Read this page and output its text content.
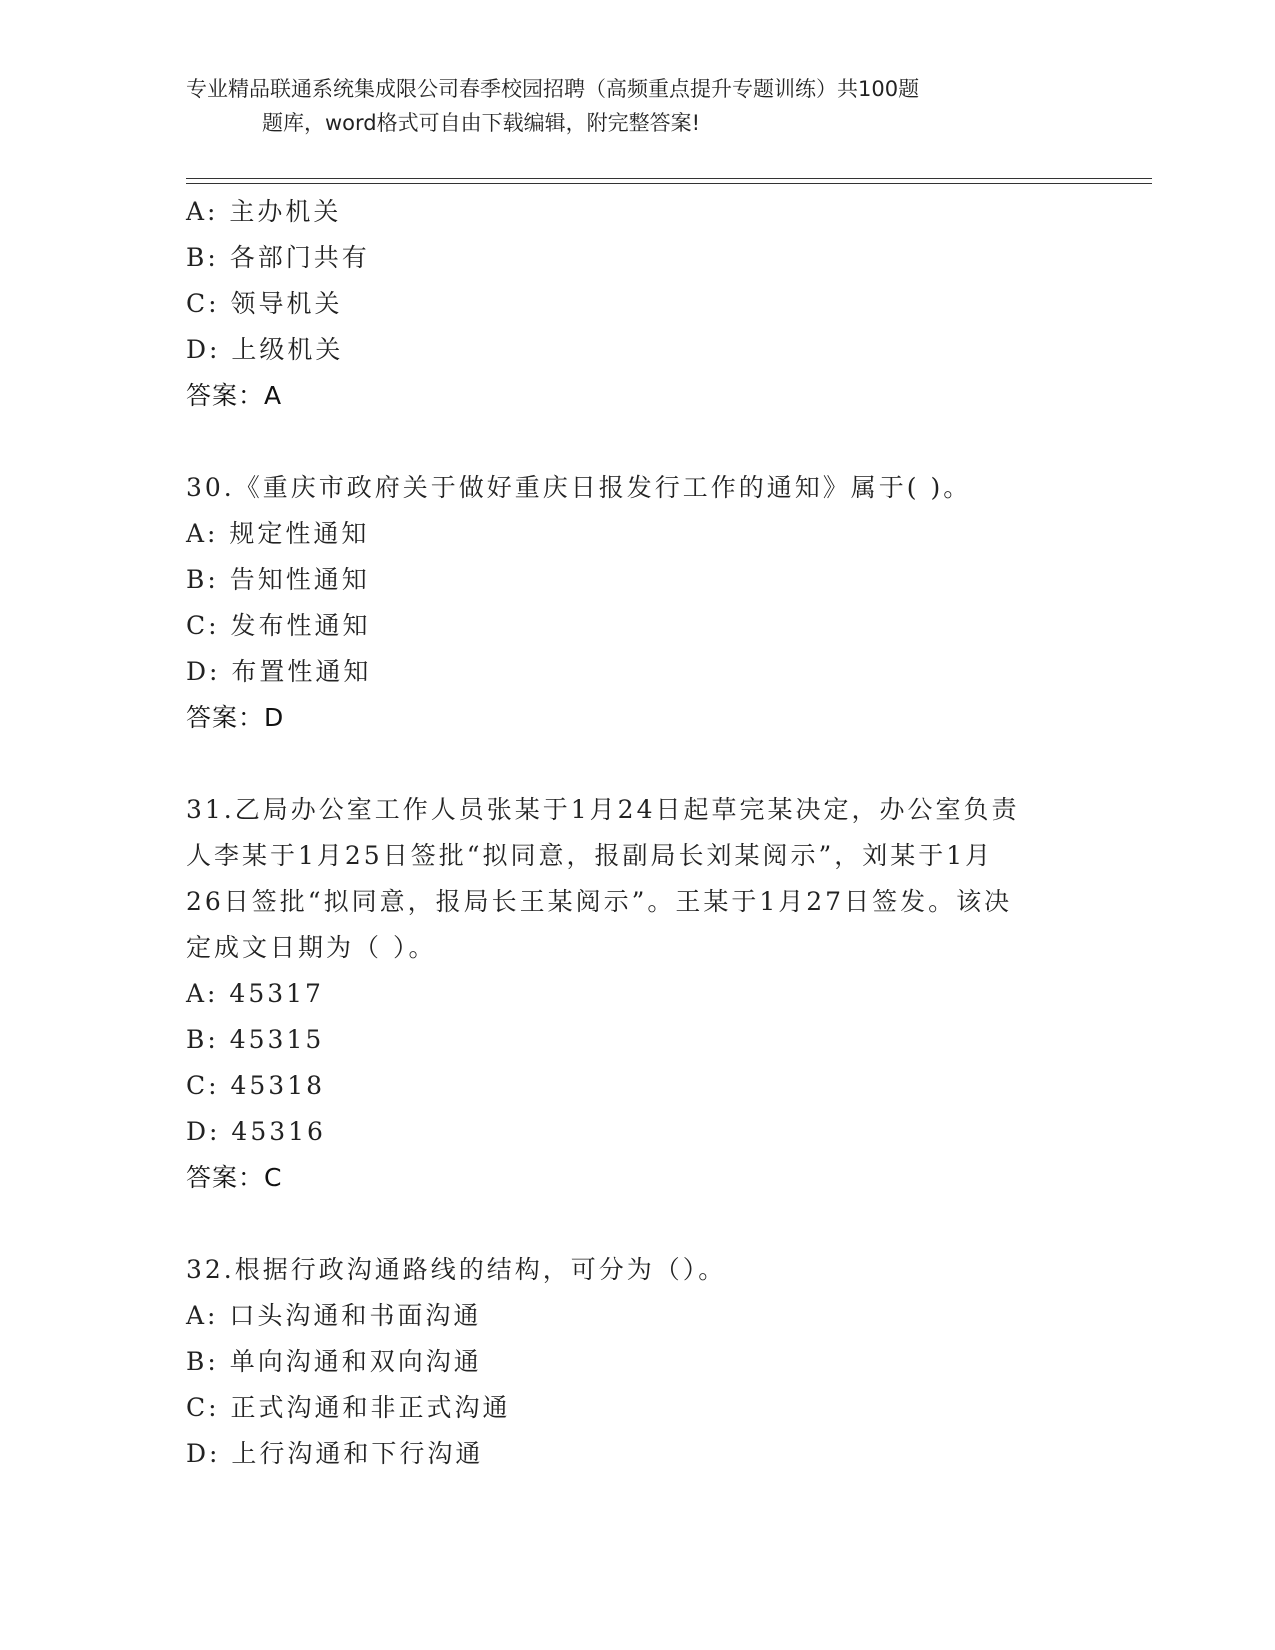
专业精品联通系统集成限公司春季校园招聘（高频重点提升专题训练）共100题
题库，word格式可自由下载编辑，附完整答案!
A: 主办机关
B: 各部门共有
C: 领导机关
D: 上级机关
答案：A
30.《重庆市政府关于做好重庆日报发行工作的通知》属于( )。
A: 规定性通知
B: 告知性通知
C: 发布性通知
D: 布置性通知
答案：D
31.乙局办公室工作人员张某于1月24日起草完某决定，办公室负责
人李某于1月25日签批“拟同意，报副局长刘某阅示”，刘某于1月
26日签批“拟同意，报局长王某阅示”。王某于1月27日签发。该决
定成文日期为（ ）。
A: 45317
B: 45315
C: 45318
D: 45316
答案：C
32.根据行政沟通路线的结构，可分为（）。
A: 口头沟通和书面沟通
B: 单向沟通和双向沟通
C: 正式沟通和非正式沟通
D: 上行沟通和下行沟通
